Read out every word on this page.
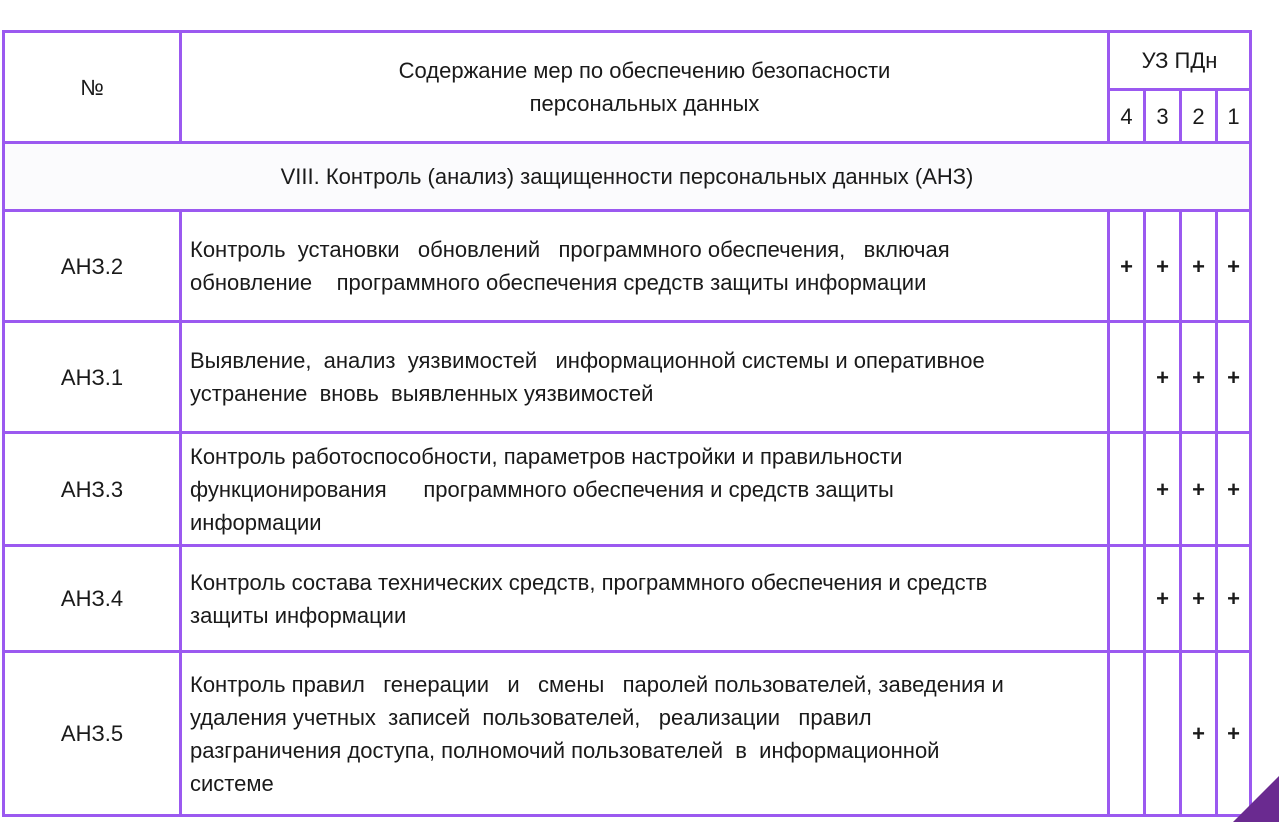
№	Содержание мер по обеспечению безопасности
персональных данных	УЗ ПДн			
		4	3	2	1
VIII. Контроль (анализ) защищенности персональных данных (АНЗ)					
АНЗ.2	Контроль  установки   обновлений   программного обеспечения,   включая
обновление    программного обеспечения средств защиты информации	+	+	+	+
АНЗ.1	Выявление,  анализ  уязвимостей   информационной системы и оперативное
устранение  вновь  выявленных уязвимостей		+	+	+
АНЗ.3	Контроль работоспособности, параметров настройки и правильности
функционирования      программного обеспечения и средств защиты
информации		+	+	+
АНЗ.4	Контроль состава технических средств, программного обеспечения и средств
защиты информации		+	+	+
АНЗ.5	Контроль правил   генерации   и   смены   паролей пользователей, заведения и
удаления учетных  записей  пользователей,   реализации   правил
разграничения доступа, полномочий пользователей  в  информационной
системе			+	+
